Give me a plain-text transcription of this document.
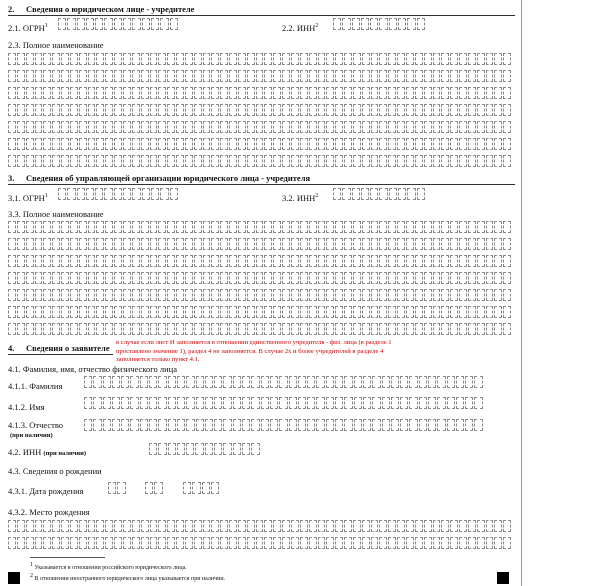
2. Сведения о юридическом лице - учредителе
2.1. ОГРН$^1$	2.2. ИНН$^2$
2.3. Полное наименование
3. Сведения об управляющей организации юридического лица - учредителя
3.1. ОГРН$^1$	3.2. ИНН$^2$
3.3. Полное наименование
4. Сведения о заявителе
в случае если лист И заполняется в отношении единственного учредителя - физ. лица (в разделе 1 проставлено значение 1), раздел 4 не заполняется. В случае 2х и более учредителей в разделе 4 заполняется только пункт 4.1.
4.1. Фамилия, имя, отчество физического лица
4.1.1. Фамилия
4.1.2. Имя
4.1.3. Отчество
(при наличии)
4.2. ИНН (при наличии)
4.3. Сведения о рождении
4.3.1. Дата рождения
4.3.2. Место рождения
$^1$ Указывается в отношении российского юридического лица.
$^2$ В отношении иностранного юридического лица указывается при наличии.
